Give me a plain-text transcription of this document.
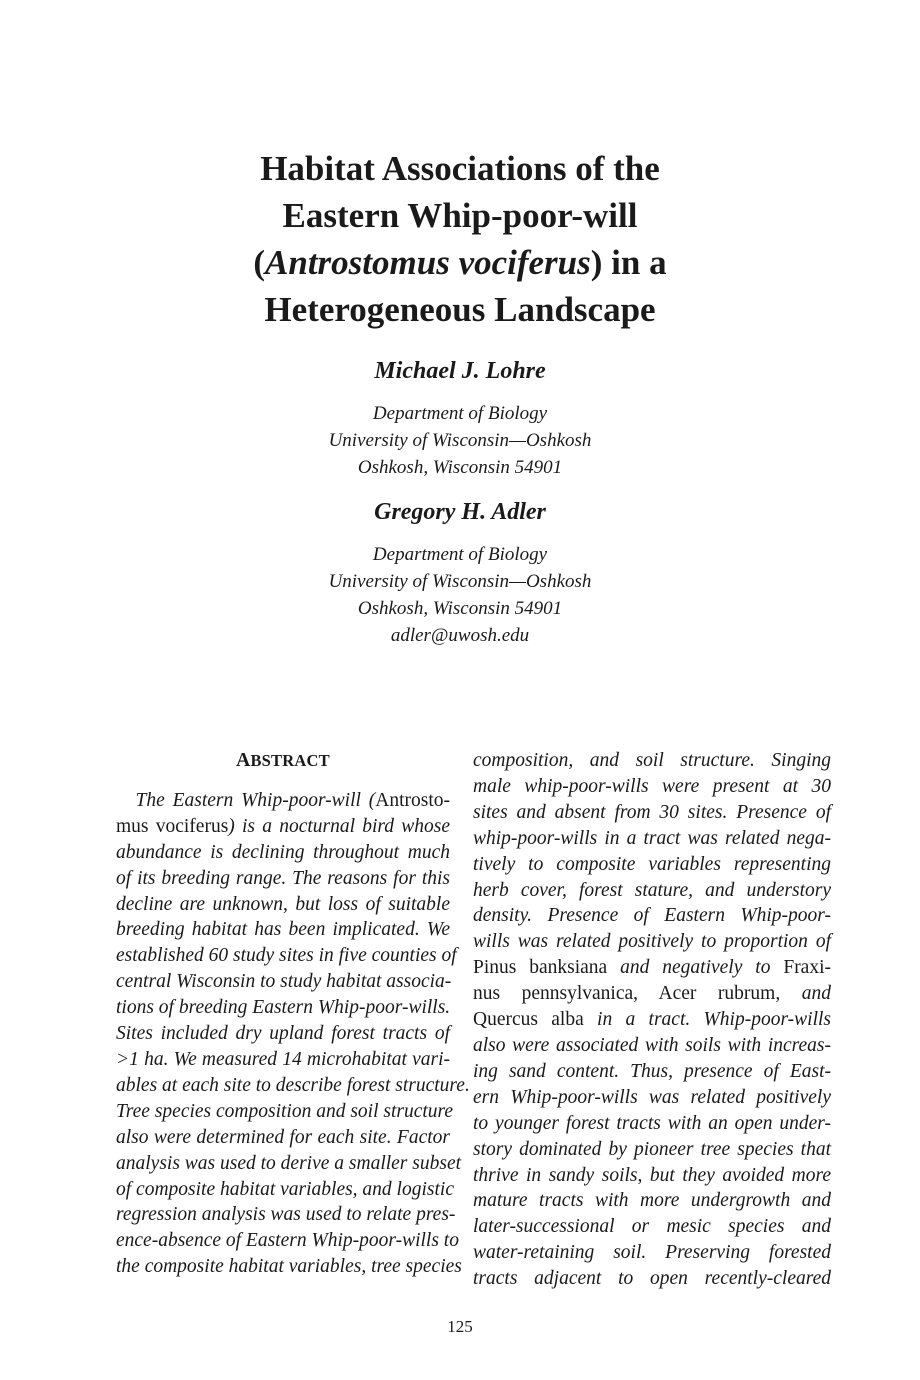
Habitat Associations of the
Eastern Whip-poor-will
(Antrostomus vociferus) in a
Heterogeneous Landscape
Michael J. Lohre
Department of Biology
University of Wisconsin—Oshkosh
Oshkosh, Wisconsin 54901
Gregory H. Adler
Department of Biology
University of Wisconsin—Oshkosh
Oshkosh, Wisconsin 54901
adler@uwosh.edu
ABSTRACT
 The Eastern Whip-poor-will (Antrosto-
mus vociferus) is a nocturnal bird whose
abundance is declining throughout much
of its breeding range. The reasons for this
decline are unknown, but loss of suitable
breeding habitat has been implicated. We
established 60 study sites in five counties of
central Wisconsin to study habitat associa-
tions of breeding Eastern Whip-poor-wills.
Sites included dry upland forest tracts of
>1 ha. We measured 14 microhabitat vari-
ables at each site to describe forest structure.
Tree species composition and soil structure
also were determined for each site. Factor
analysis was used to derive a smaller subset
of composite habitat variables, and logistic
regression analysis was used to relate pres-
ence-absence of Eastern Whip-poor-wills to
the composite habitat variables, tree species
composition, and soil structure. Singing
male whip-poor-wills were present at 30
sites and absent from 30 sites. Presence of
whip-poor-wills in a tract was related nega-
tively to composite variables representing
herb cover, forest stature, and understory
density. Presence of Eastern Whip-poor-
wills was related positively to proportion of
Pinus banksiana and negatively to Fraxi-
nus pennsylvanica, Acer rubrum, and
Quercus alba in a tract. Whip-poor-wills
also were associated with soils with increas-
ing sand content. Thus, presence of East-
ern Whip-poor-wills was related positively
to younger forest tracts with an open under-
story dominated by pioneer tree species that
thrive in sandy soils, but they avoided more
mature tracts with more undergrowth and
later-successional or mesic species and
water-retaining soil. Preserving forested
tracts adjacent to open recently-cleared
125
